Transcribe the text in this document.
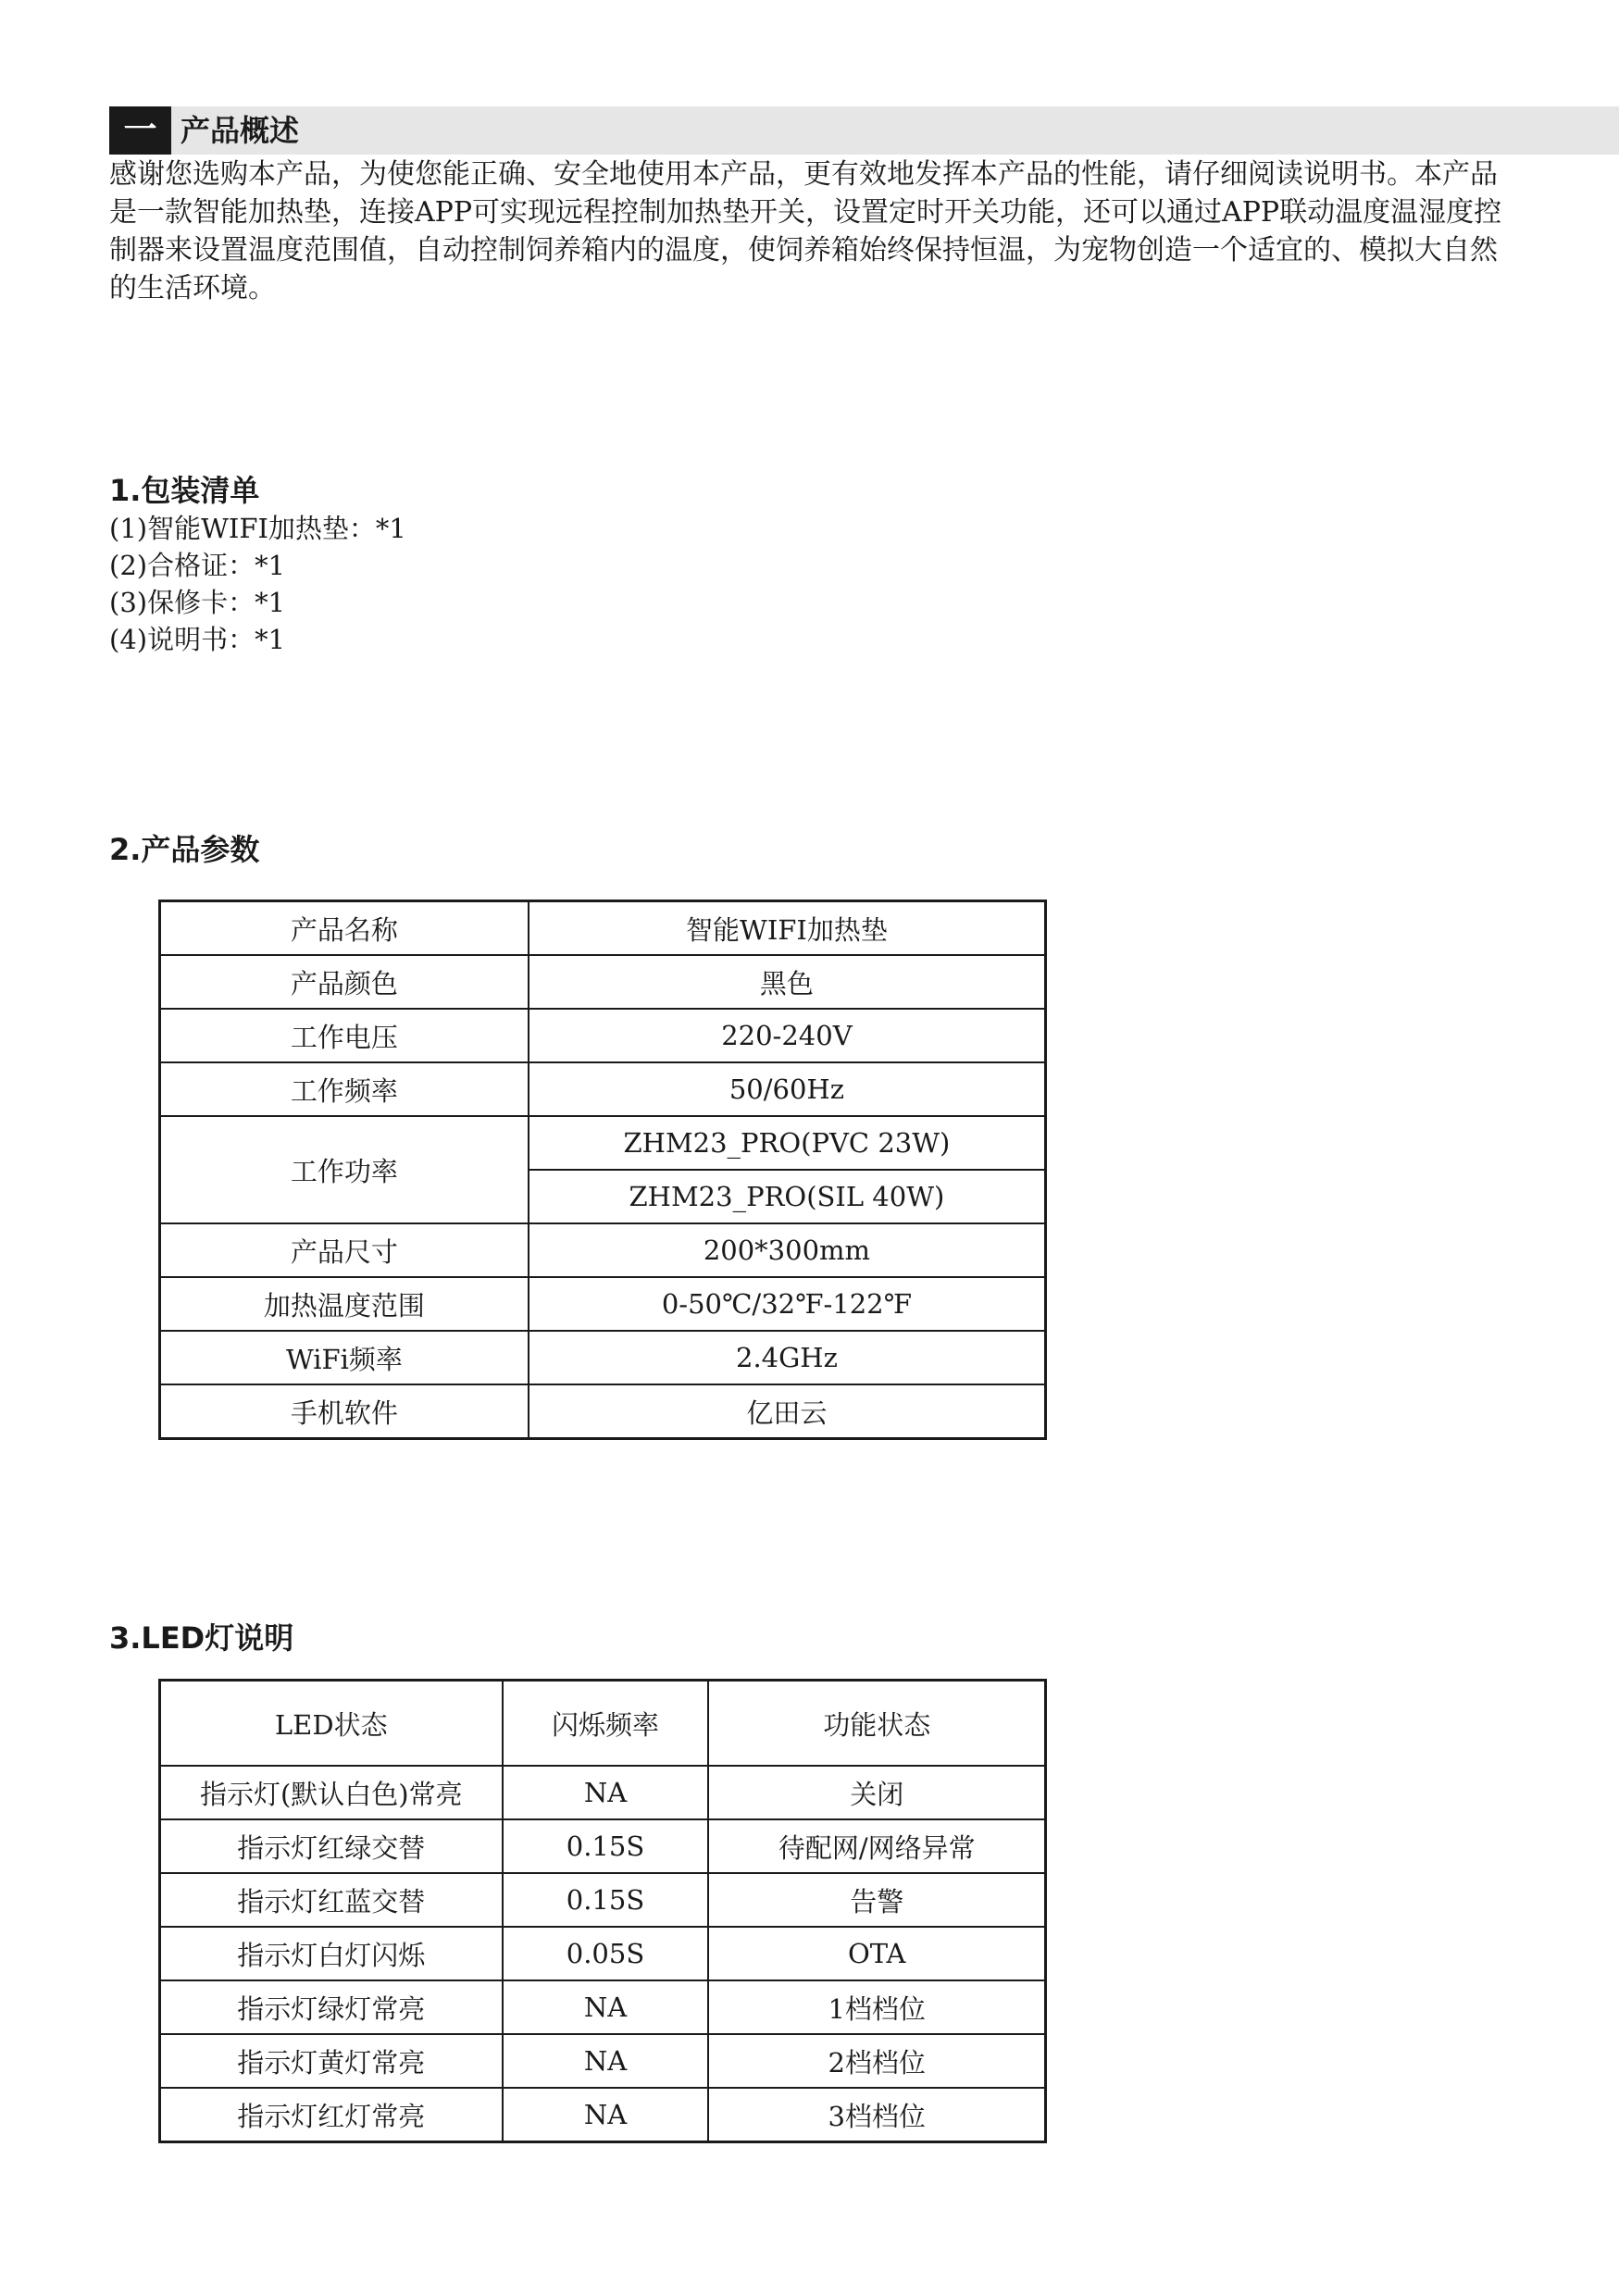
一 产品概述

感谢您选购本产品，为使您能正确、安全地使用本产品，更有效地发挥本产品的性能，请仔细阅读说明书。本产品是一款智能加热垫，连接APP可实现远程控制加热垫开关，设置定时开关功能，还可以通过APP联动温度温湿度控制器来设置温度范围值，自动控制饲养箱内的温度，使饲养箱始终保持恒温，为宠物创造一个适宜的、模拟大自然的生活环境。

1.包装清单
(1)智能WIFI加热垫：*1
(2)合格证：*1
(3)保修卡：*1
(4)说明书：*1
2.产品参数
产品名称	智能WIFI加热垫
产品颜色	黑色
工作电压	220-240V
工作频率	50/60Hz
工作功率	ZHM23_PRO(PVC 23W)
	ZHM23_PRO(SIL 40W)
产品尺寸	200*300mm
加热温度范围	0-50℃/32℉-122℉
WiFi频率	2.4GHz
手机软件	亿田云
3.LED灯说明
LED状态	闪烁频率	功能状态
指示灯(默认白色)常亮	NA	关闭
指示灯红绿交替	0.15S	待配网/网络异常
指示灯红蓝交替	0.15S	告警
指示灯白灯闪烁	0.05S	OTA
指示灯绿灯常亮	NA	1档档位
指示灯黄灯常亮	NA	2档档位
指示灯红灯常亮	NA	3档档位
